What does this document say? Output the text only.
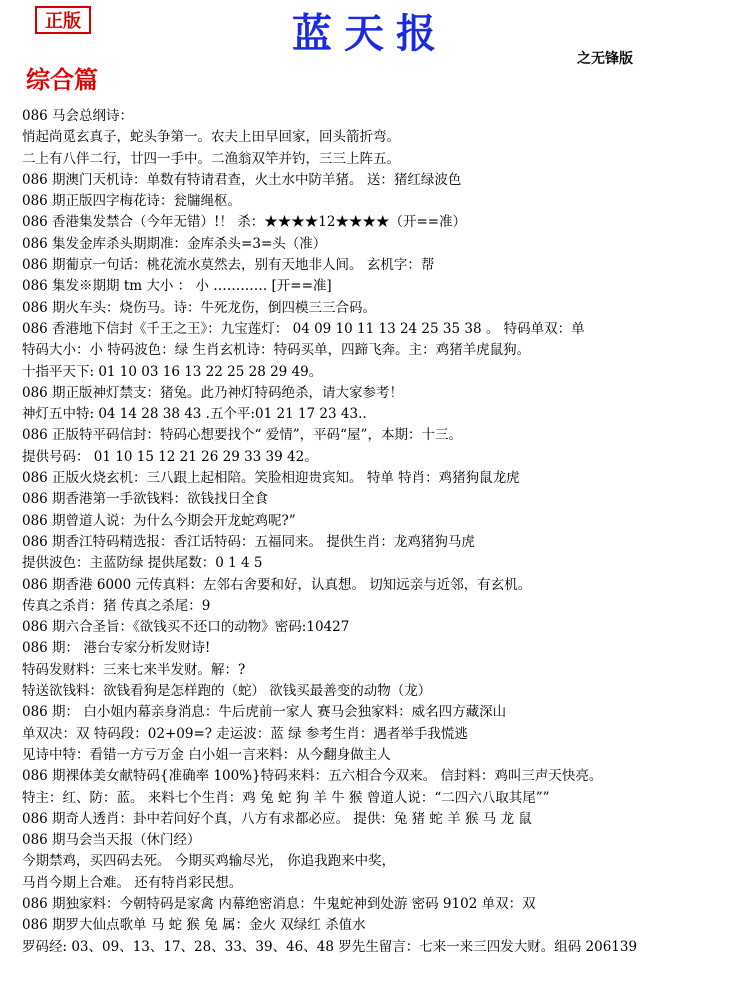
正版	蓝天报
之无锋版
综合篇
086 马会总纲诗：
悄起尚觅玄真子，蛇头争第一。农夫上田早回家，回头箭折弯。
二上有八伴二行，廿四一手中。二渔翁双竿并钓，三三上阵五。
086 期澳门天机诗：单数有特请君查，火土水中防羊猪。 送：猪红绿波色
086 期正版四字梅花诗：瓮牖绳枢。
086 香港集发禁合（今年无错）!！ 杀：★★★★12★★★★（开==准）
086 集发金库杀头期期准：金库杀头=3=头（准）
086 期葡京一句话：桃花流水莫然去，别有天地非人间。 玄机字：帮
086 集发※期期 tm 大小 ： 小 ………… [开==准]
086 期火车头：烧伤马。诗：牛死龙伤，倒四模三三合码。
086 香港地下信封《千王之王》：九宝莲灯： 04 09 10 11 13 24 25 35 38 。 特码单双：单
特码大小：小 特码波色：绿 生肖玄机诗：特码买单，四蹄飞奔。主：鸡猪羊虎鼠狗。
十指平天下: 01 10 03 16 13 22 25 28 29 49。
086 期正版神灯禁支：猪兔。此乃神灯特码绝杀，请大家参考！
神灯五中特: 04 14 28 38 43 .五个平:01 21 17 23 43..
086 正版特平码信封：特码心想要找个“ 爱情”，平码“屋”，本期：十三。
提供号码： 01 10 15 12 21 26 29 33 39 42。
086 正版火烧玄机：三八跟上起相陪。笑脸相迎贵宾知。 特单 特肖：鸡猪狗鼠龙虎
086 期香港第一手欲钱料：欲钱找日全食
086 期曾道人说：为什么今期会开龙蛇鸡呢?”
086 期香江特码精选报：香江话特码：五福同来。 提供生肖：龙鸡猪狗马虎
提供波色：主蓝防绿 提供尾数：0 1 4 5
086 期香港 6000 元传真料：左邻右舍要和好，认真想。 切知远亲与近邻，有玄机。
传真之杀肖：猪 传真之杀尾：9
086 期六合圣旨：《欲钱买不还口的动物》密码:10427
086 期： 港台专家分析发财诗!
特码发财料：三来七来半发财。解：?
特送欲钱料：欲钱看狗是怎样跑的（蛇） 欲钱买最善变的动物（龙）
086 期： 白小姐内幕亲身消息：牛后虎前一家人 赛马会独家料：威名四方藏深山
单双决：双 特码段：02+09=? 走运波：蓝 绿 参考生肖：遇者举手我慌逃
见诗中特：看错一方亏万金 白小姐一言来料：从今翻身做主人
086 期裸体美女献特码{准确率 100%}特码来料：五六相合今双来。 信封料：鸡叫三声天快亮。
特主：红、防：蓝。 来料七个生肖：鸡 兔 蛇 狗 羊 牛 猴 曾道人说：“二四六八取其尾””
086 期奇人透肖：卦中若问好个真，八方有求都必应。 提供：兔 猪 蛇 羊 猴 马 龙 鼠
086 期马会当天报（休门经）
今期禁鸡，买四码去死。 今期买鸡输尽光， 你追我跑来中奖，
马肖今期上合难。 还有特肖彩民想。
086 期独家料：今朝特码是家禽 内幕绝密消息：牛鬼蛇神到处游 密码 9102 单双：双
086 期罗大仙点歌单 马 蛇 猴 兔 属：金火 双绿红 杀值水
罗码经: 03、09、13、17、28、33、39、46、48 罗先生留言：七来一来三四发大财。组码 206139
